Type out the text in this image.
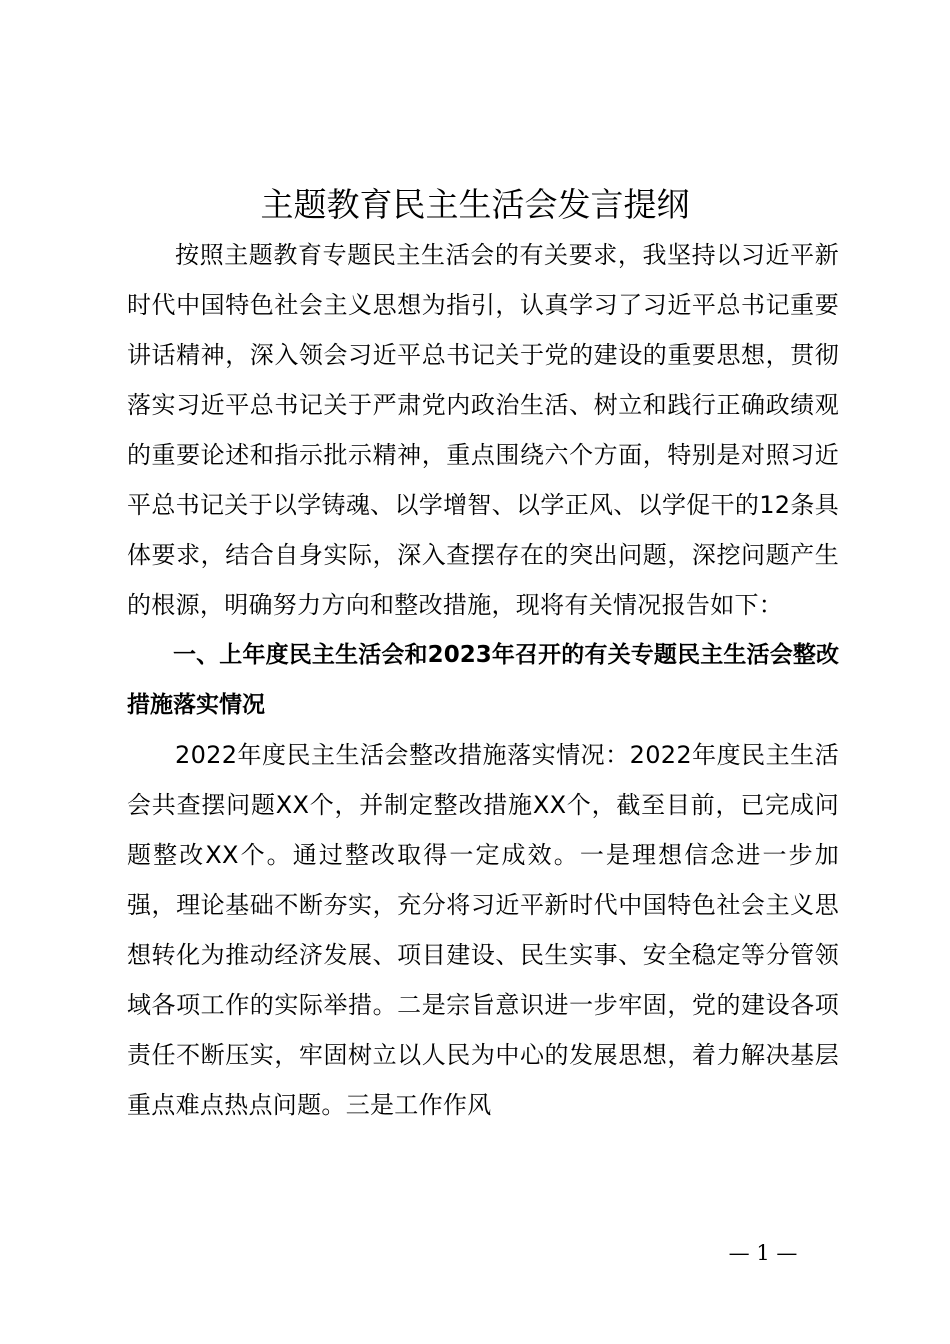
主题教育民主生活会发言提纲

按照主题教育专题民主生活会的有关要求，我坚持以习近平新时代中国特色社会主义思想为指引，认真学习了习近平总书记重要讲话精神，深入领会习近平总书记关于党的建设的重要思想，贯彻落实习近平总书记关于严肃党内政治生活、树立和践行正确政绩观的重要论述和指示批示精神，重点围绕六个方面，特别是对照习近平总书记关于以学铸魂、以学增智、以学正风、以学促干的12条具体要求，结合自身实际，深入查摆存在的突出问题，深挖问题产生的根源，明确努力方向和整改措施，现将有关情况报告如下：

一、上年度民主生活会和2023年召开的有关专题民主生活会整改措施落实情况

2022年度民主生活会整改措施落实情况：2022年度民主生活会共查摆问题XX个，并制定整改措施XX个，截至目前，已完成问题整改XX个。通过整改取得一定成效。一是理想信念进一步加强，理论基础不断夯实，充分将习近平新时代中国特色社会主义思想转化为推动经济发展、项目建设、民生实事、安全稳定等分管领域各项工作的实际举措。二是宗旨意识进一步牢固，党的建设各项责任不断压实，牢固树立以人民为中心的发展思想，着力解决基层重点难点热点问题。三是工作作风

— 1 —
